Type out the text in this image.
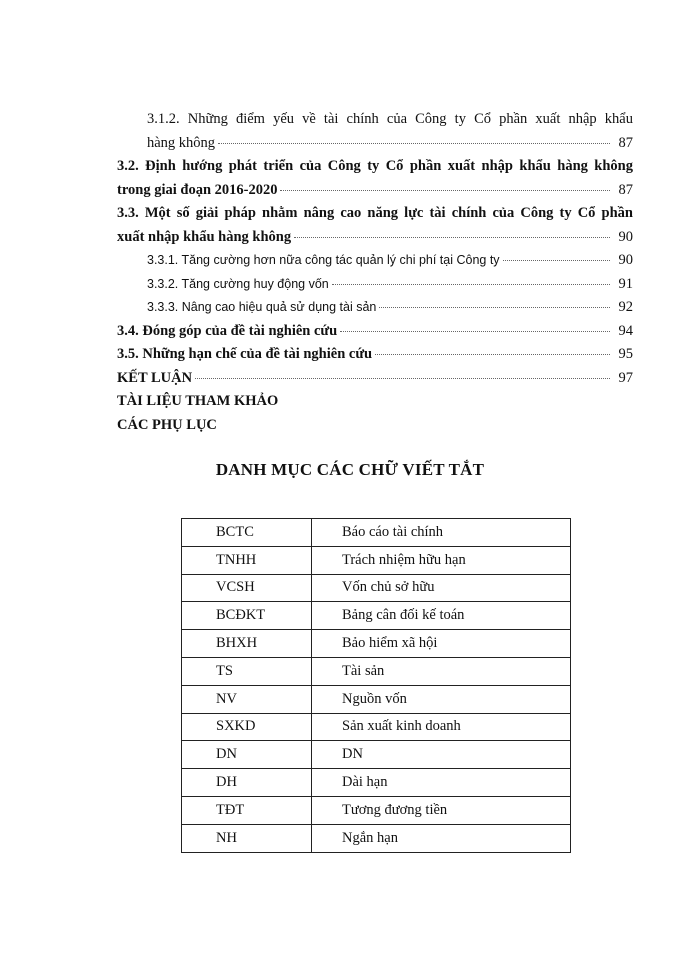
3.1.2. Những điểm yếu về tài chính của Công ty Cổ phần xuất nhập khẩu
hàng không	87
3.2. Định hướng phát triển của Công ty Cổ phần xuất nhập khẩu hàng không
trong giai đoạn 2016-2020	87
3.3. Một số giải pháp nhằm nâng cao năng lực tài chính của Công ty Cổ phần
xuất nhập khẩu hàng không	90
3.3.1. Tăng cường hơn nữa công tác quản lý chi phí tại Công ty	90
3.3.2. Tăng cường huy động vốn	91
3.3.3. Nâng cao hiệu quả sử dụng tài sản	92
3.4. Đóng góp của đề tài nghiên cứu	94
3.5. Những hạn chế của đề tài nghiên cứu	95
KẾT LUẬN	97
TÀI LIỆU THAM KHẢO
CÁC PHỤ LỤC
DANH MỤC CÁC CHỮ VIẾT TẮT
BCTC	Báo cáo tài chính
TNHH	Trách nhiệm hữu hạn
VCSH	Vốn chủ sở hữu
BCĐKT	Bảng cân đối kế toán
BHXH	Bảo hiểm xã hội
TS	Tài sản
NV	Nguồn vốn
SXKD	Sản xuất kinh doanh
DN	DN
DH	Dài hạn
TĐT	Tương đương tiền
NH	Ngắn hạn
